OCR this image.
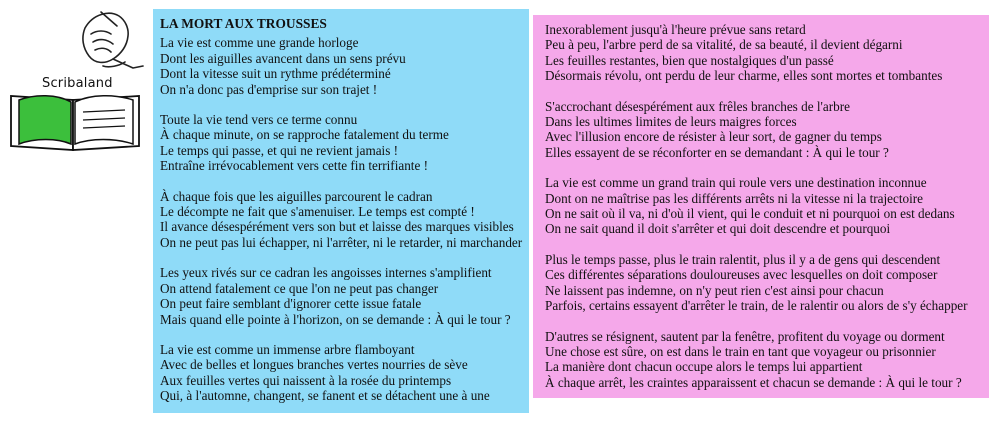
Scribaland
LA MORT AUX TROUSSES
La vie est comme une grande horloge
Dont les aiguilles avancent dans un sens prévu
Dont la vitesse suit un rythme prédéterminé
On n'a donc pas d'emprise sur son trajet !
Toute la vie tend vers ce terme connu
À chaque minute, on se rapproche fatalement du terme
Le temps qui passe, et qui ne revient jamais !
Entraîne irrévocablement vers cette fin terrifiante !
À chaque fois que les aiguilles parcourent le cadran
Le décompte ne fait que s'amenuiser. Le temps est compté !
Il avance désespérément vers son but et laisse des marques visibles
On ne peut pas lui échapper, ni l'arrêter, ni le retarder, ni marchander
Les yeux rivés sur ce cadran les angoisses internes s'amplifient
On attend fatalement ce que l'on ne peut pas changer
On peut faire semblant d'ignorer cette issue fatale
Mais quand elle pointe à l'horizon, on se demande : À qui le tour ?
La vie est comme un immense arbre flamboyant
Avec de belles et longues branches vertes nourries de sève
Aux feuilles vertes qui naissent à la rosée du printemps
Qui, à l'automne, changent, se fanent et se détachent une à une
Inexorablement jusqu'à l'heure prévue sans retard
Peu à peu, l'arbre perd de sa vitalité, de sa beauté, il devient dégarni
Les feuilles restantes, bien que nostalgiques d'un passé
Désormais révolu, ont perdu de leur charme, elles sont mortes et tombantes
S'accrochant désespérément aux frêles branches de l'arbre
Dans les ultimes limites de leurs maigres forces
Avec l'illusion encore de résister à leur sort, de gagner du temps
Elles essayent de se réconforter en se demandant : À qui le tour ?
La vie est comme un grand train qui roule vers une destination inconnue
Dont on ne maîtrise pas les différents arrêts ni la vitesse ni la trajectoire
On ne sait où il va, ni d'où il vient, qui le conduit et ni pourquoi on est dedans
On ne sait quand il doit s'arrêter et qui doit descendre et pourquoi
Plus le temps passe, plus le train ralentit, plus il y a de gens qui descendent
Ces différentes séparations douloureuses avec lesquelles on doit composer
Ne laissent pas indemne, on n'y peut rien c'est ainsi pour chacun
Parfois, certains essayent d'arrêter le train, de le ralentir ou alors de s'y échapper
D'autres se résignent, sautent par la fenêtre, profitent du voyage ou dorment
Une chose est sûre, on est dans le train en tant que voyageur ou prisonnier
La manière dont chacun occupe alors le temps lui appartient
À chaque arrêt, les craintes apparaissent et chacun se demande : À qui le tour ?
